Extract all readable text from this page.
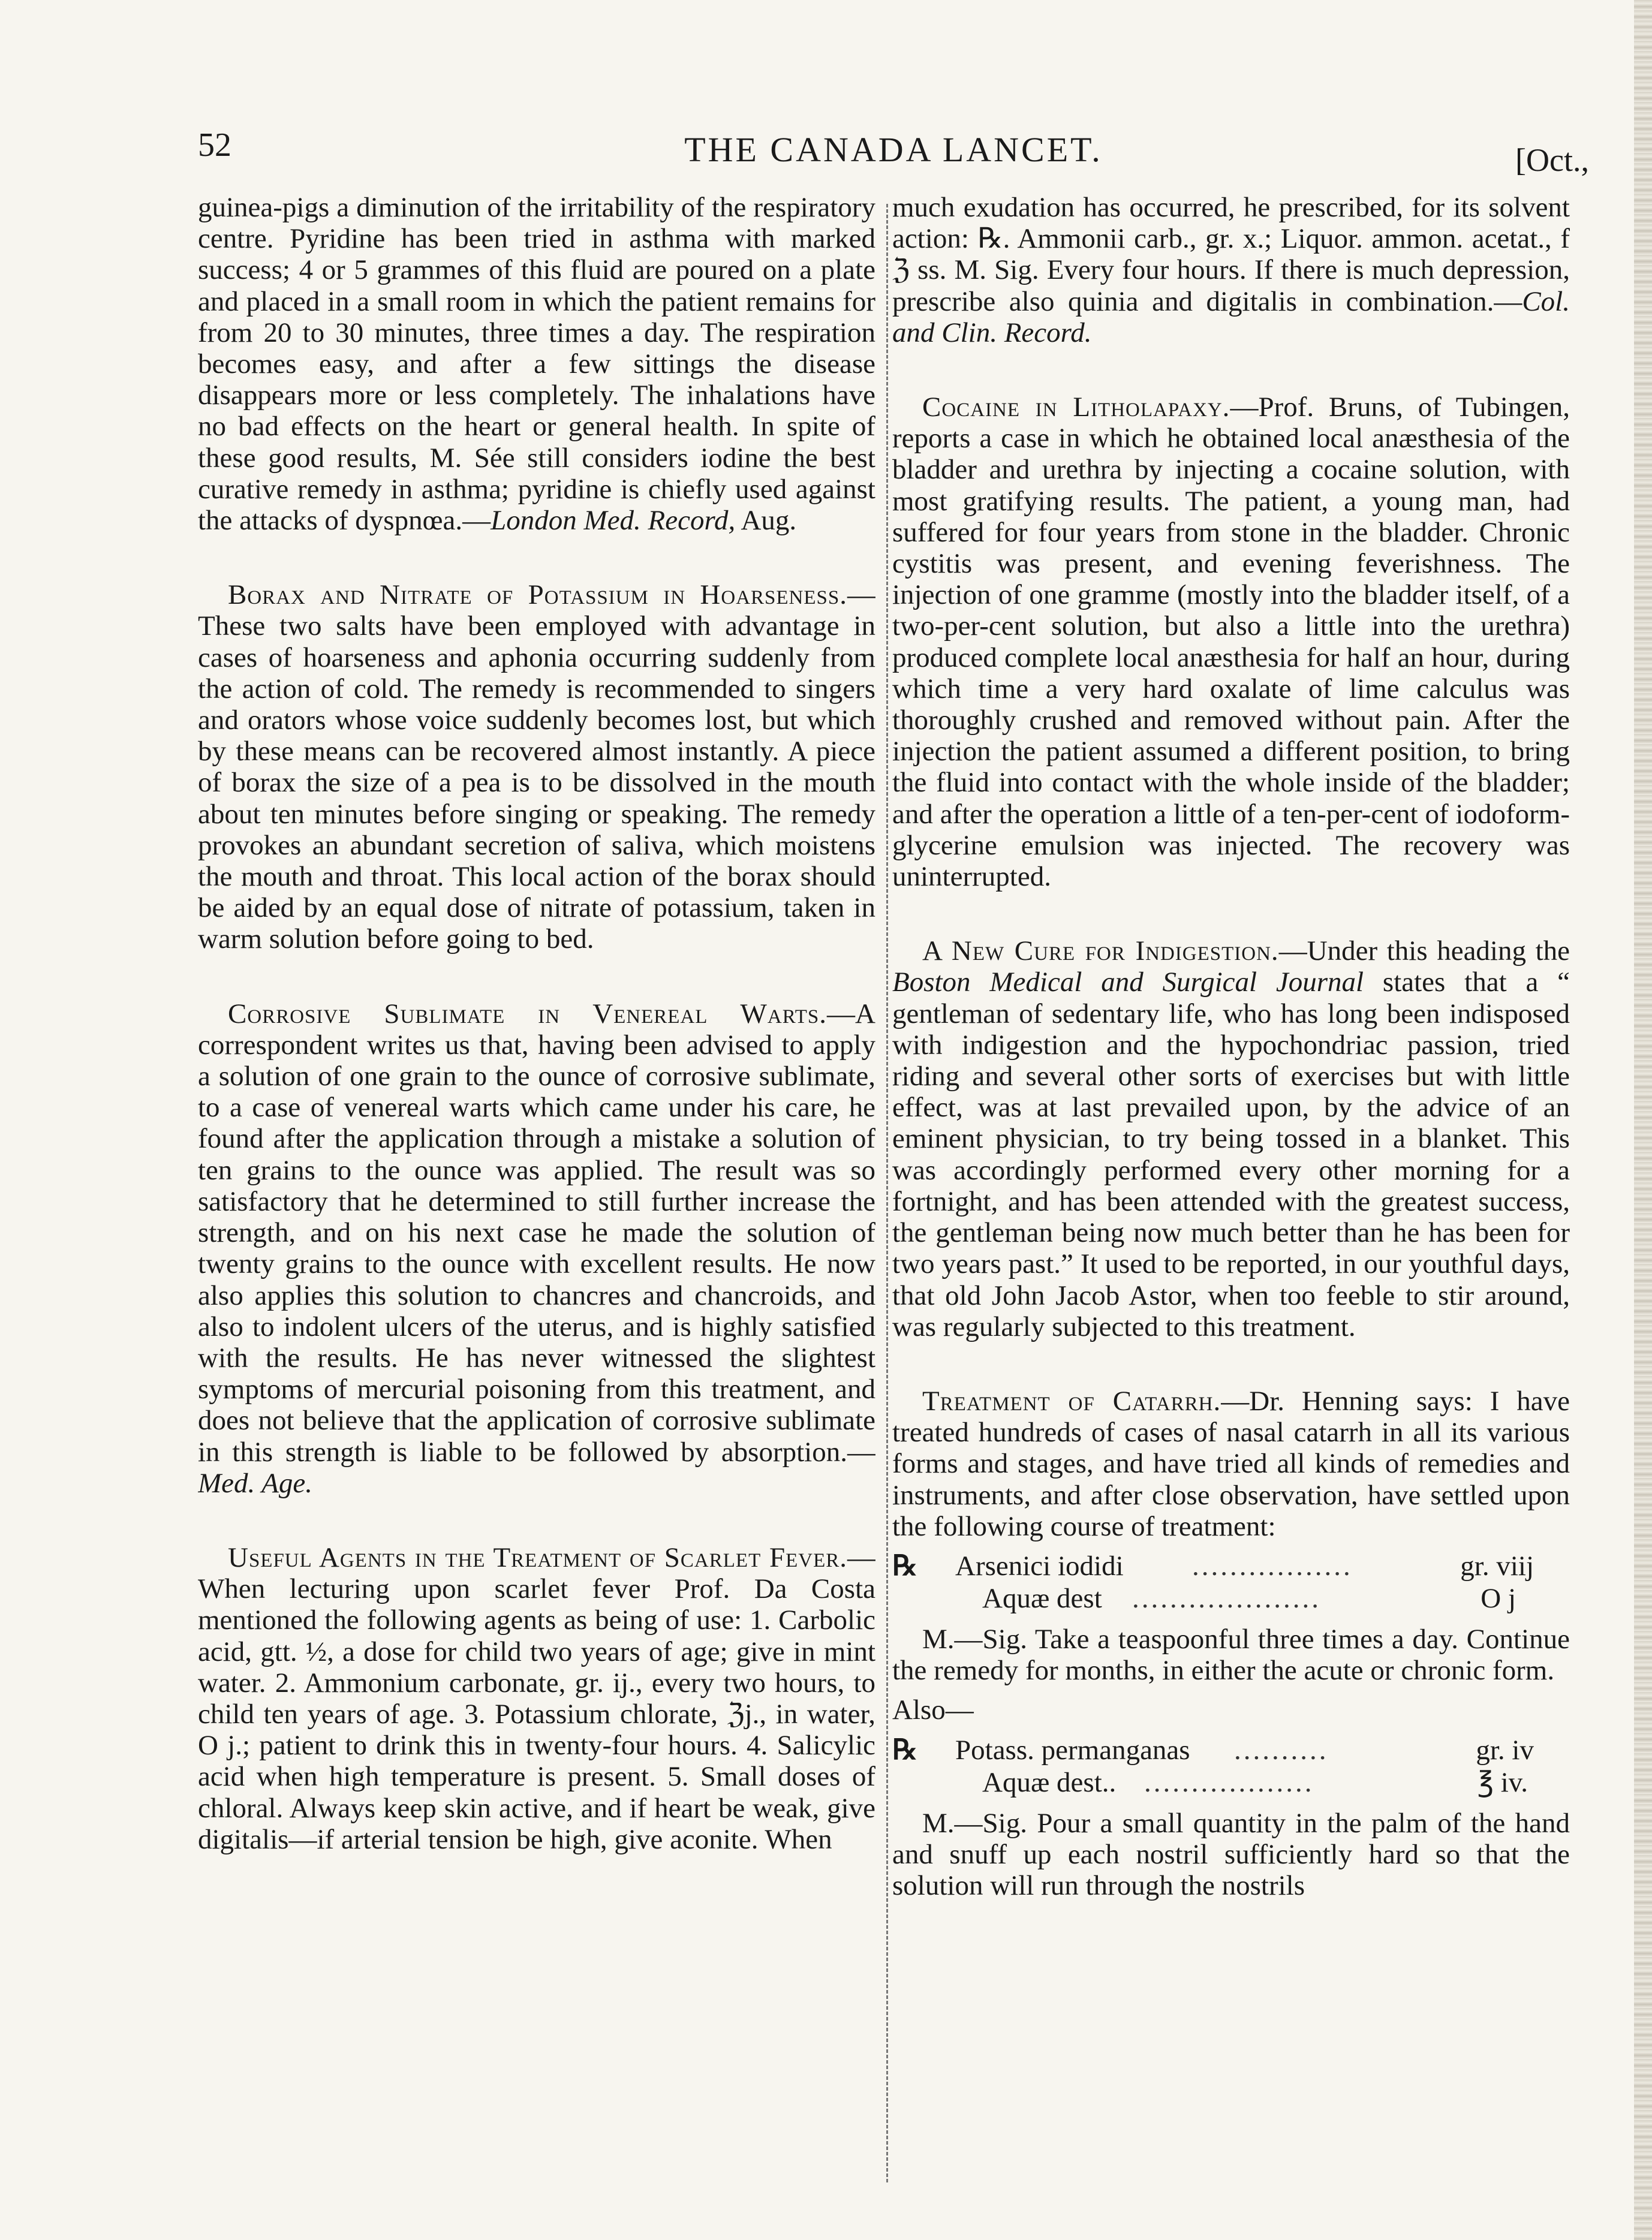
52	THE CANADA LANCET.	[Oct.,

guinea-pigs a diminution of the irritability of the respiratory centre. Pyridine has been tried in asthma with marked success; 4 or 5 grammes of this fluid are poured on a plate and placed in a small room in which the patient remains for from 20 to 30 minutes, three times a day. The respiration becomes easy, and after a few sittings the disease disappears more or less completely. The inhalations have no bad effects on the heart or general health. In spite of these good results, M. Sée still considers iodine the best curative remedy in asthma; pyridine is chiefly used against the attacks of dyspnœa.—London Med. Record, Aug.

Borax and Nitrate of Potassium in Hoarseness.—These two salts have been employed with advantage in cases of hoarseness and aphonia occurring suddenly from the action of cold. The remedy is recommended to singers and orators whose voice suddenly becomes lost, but which by these means can be recovered almost instantly. A piece of borax the size of a pea is to be dissolved in the mouth about ten minutes before singing or speaking. The remedy provokes an abundant secretion of saliva, which moistens the mouth and throat. This local action of the borax should be aided by an equal dose of nitrate of potassium, taken in warm solution before going to bed.

Corrosive Sublimate in Venereal Warts.—A correspondent writes us that, having been advised to apply a solution of one grain to the ounce of corrosive sublimate, to a case of venereal warts which came under his care, he found after the application through a mistake a solution of ten grains to the ounce was applied. The result was so satisfactory that he determined to still further increase the strength, and on his next case he made the solution of twenty grains to the ounce with excellent results. He now also applies this solution to chancres and chancroids, and also to indolent ulcers of the uterus, and is highly satisfied with the results. He has never witnessed the slightest symptoms of mercurial poisoning from this treatment, and does not believe that the application of corrosive sublimate in this strength is liable to be followed by absorption.—Med. Age.

Useful Agents in the Treatment of Scarlet Fever.—When lecturing upon scarlet fever Prof. Da Costa mentioned the following agents as being of use: 1. Carbolic acid, gtt. ½, a dose for child two years of age; give in mint water. 2. Ammonium carbonate, gr. ij., every two hours, to child ten years of age. 3. Potassium chlorate, ℨj., in water, O j.; patient to drink this in twenty-four hours. 4. Salicylic acid when high temperature is present. 5. Small doses of chloral. Always keep skin active, and if heart be weak, give digitalis—if arterial tension be high, give aconite. When

much exudation has occurred, he prescribed, for its solvent action: ℞. Ammonii carb., gr. x.; Liquor. ammon. acetat., f ℨ ss. M. Sig. Every four hours. If there is much depression, prescribe also quinia and digitalis in combination.—Col. and Clin. Record.

Cocaine in Litholapaxy.—Prof. Bruns, of Tubingen, reports a case in which he obtained local anæsthesia of the bladder and urethra by injecting a cocaine solution, with most gratifying results. The patient, a young man, had suffered for four years from stone in the bladder. Chronic cystitis was present, and evening feverishness. The injection of one gramme (mostly into the bladder itself, of a two-per-cent solution, but also a little into the urethra) produced complete local anæsthesia for half an hour, during which time a very hard oxalate of lime calculus was thoroughly crushed and removed without pain. After the injection the patient assumed a different position, to bring the fluid into contact with the whole inside of the bladder; and after the operation a little of a ten-per-cent of iodoform-glycerine emulsion was injected. The recovery was uninterrupted.

A New Cure for Indigestion.—Under this heading the Boston Medical and Surgical Journal states that a “ gentleman of sedentary life, who has long been indisposed with indigestion and the hypochondriac passion, tried riding and several other sorts of exercises but with little effect, was at last prevailed upon, by the advice of an eminent physician, to try being tossed in a blanket. This was accordingly performed every other morning for a fortnight, and has been attended with the greatest success, the gentleman being now much better than he has been for two years past.” It used to be reported, in our youthful days, that old John Jacob Astor, when too feeble to stir around, was regularly subjected to this treatment.

Treatment of Catarrh.—Dr. Henning says: I have treated hundreds of cases of nasal catarrh in all its various forms and stages, and have tried all kinds of remedies and instruments, and after close observation, have settled upon the following course of treatment:

℞ Arsenici iodidi .................	gr. viij
Aquæ dest ....................	O j

M.—Sig. Take a teaspoonful three times a day. Continue the remedy for months, in either the acute or chronic form.

Also—

℞ Potass. permanganas ..........	gr. iv
Aquæ dest.. ..................	℥ iv.

M.—Sig. Pour a small quantity in the palm of the hand and snuff up each nostril sufficiently hard so that the solution will run through the nostrils
